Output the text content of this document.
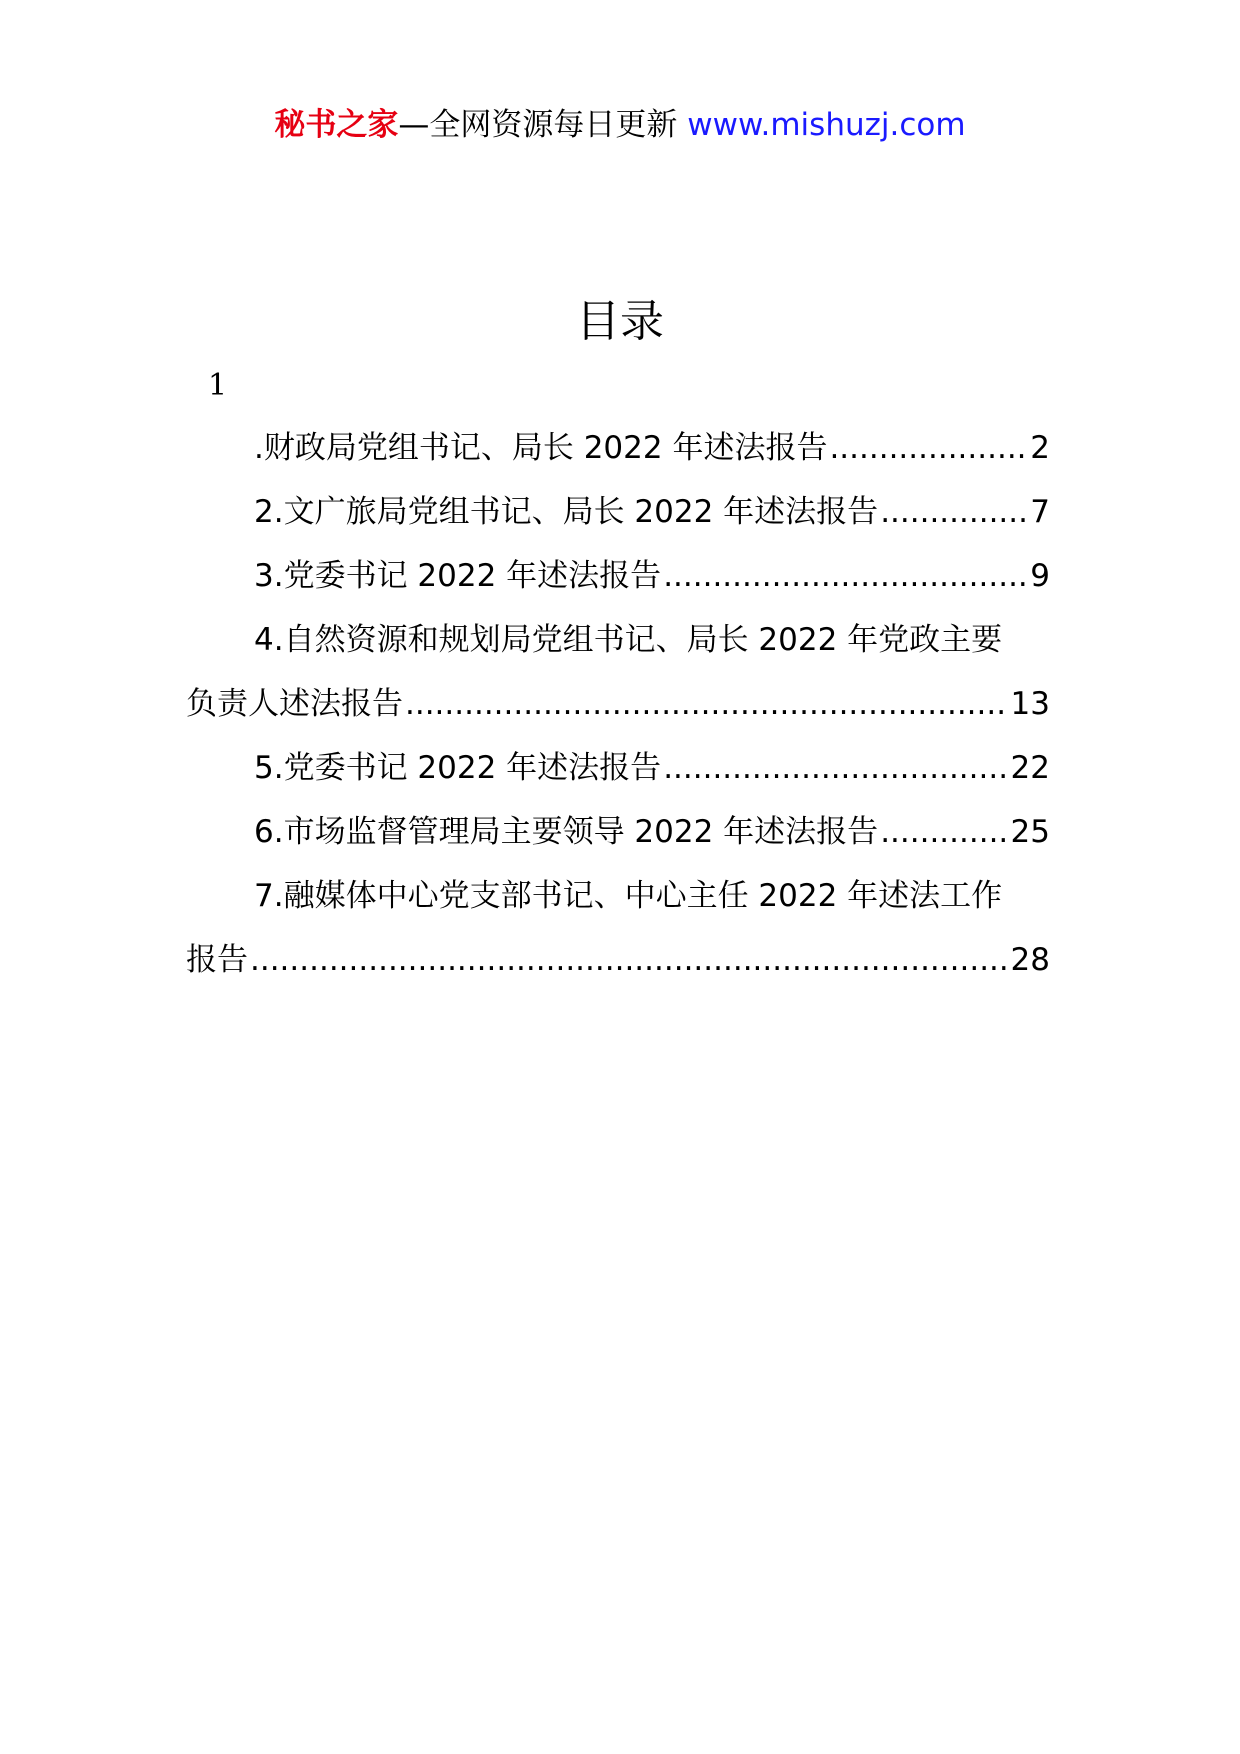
秘书之家—全网资源每日更新 www.mishuzj.com
目录
1
.财政局党组书记、局长 2022 年述法报告 .....	2
2.文广旅局党组书记、局长 2022 年述法报告 .....	7
3.党委书记 2022 年述法报告 .....	9
4.自然资源和规划局党组书记、局长 2022 年党政主要
负责人述法报告 .....	13
5.党委书记 2022 年述法报告 .....	22
6.市场监督管理局主要领导 2022 年述法报告 .....	25
7.融媒体中心党支部书记、中心主任 2022 年述法工作
报告 .....	28
